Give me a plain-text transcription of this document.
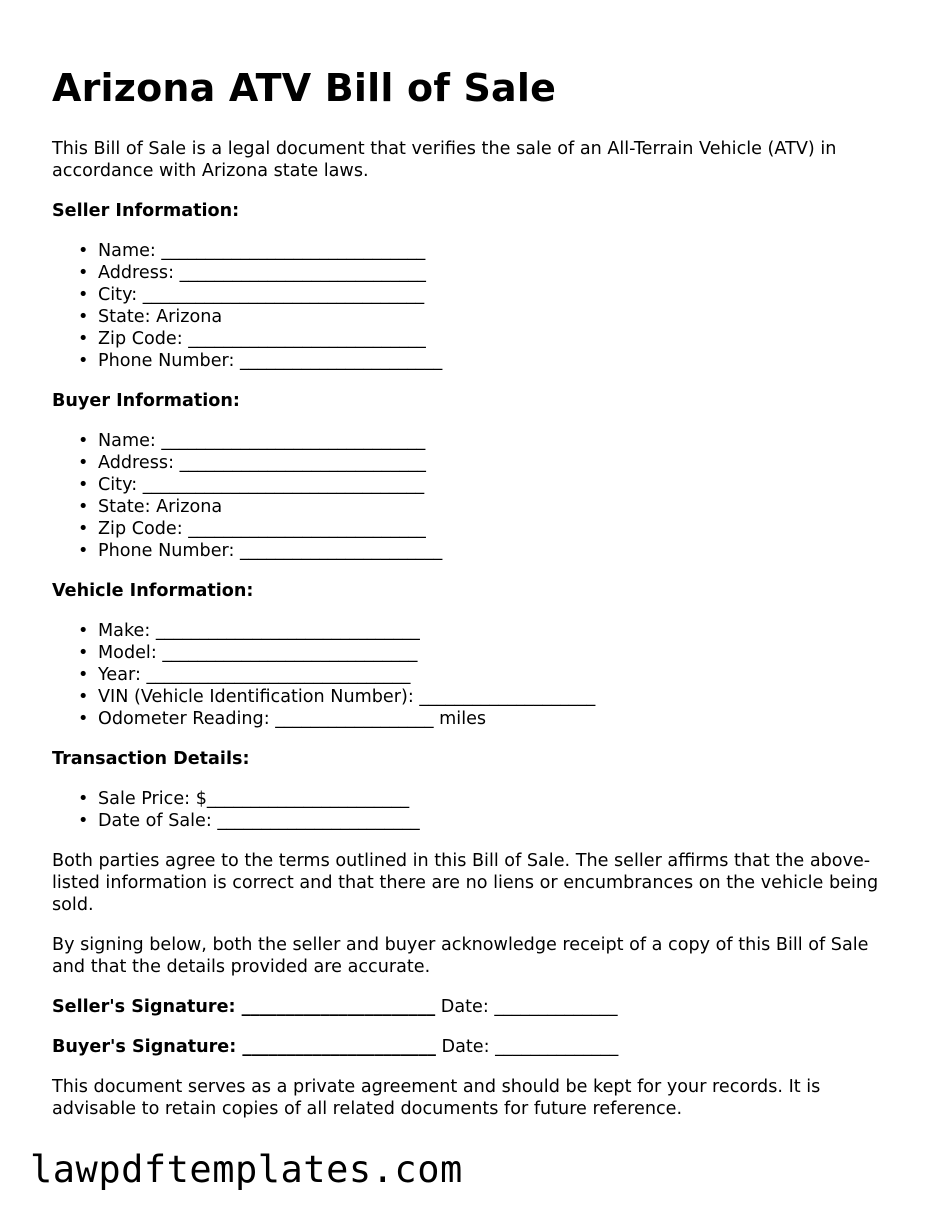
Arizona ATV Bill of Sale

This Bill of Sale is a legal document that verifies the sale of an All-Terrain Vehicle (ATV) in accordance with Arizona state laws.

Seller Information:
• Name: ______________________________
• Address: ____________________________
• City: ________________________________
• State: Arizona
• Zip Code: ___________________________
• Phone Number: _______________________
Buyer Information:
• Name: ______________________________
• Address: ____________________________
• City: ________________________________
• State: Arizona
• Zip Code: ___________________________
• Phone Number: _______________________
Vehicle Information:
• Make: ______________________________
• Model: _____________________________
• Year: ______________________________
• VIN (Vehicle Identification Number): ____________________
• Odometer Reading: __________________ miles
Transaction Details:
• Sale Price: $_______________________
• Date of Sale: _______________________

Both parties agree to the terms outlined in this Bill of Sale. The seller affirms that the above-listed information is correct and that there are no liens or encumbrances on the vehicle being sold.

By signing below, both the seller and buyer acknowledge receipt of a copy of this Bill of Sale and that the details provided are accurate.

Seller's Signature: ______________________ Date: ______________
Buyer's Signature: ______________________ Date: ______________

This document serves as a private agreement and should be kept for your records. It is advisable to retain copies of all related documents for future reference.

lawpdftemplates.com
